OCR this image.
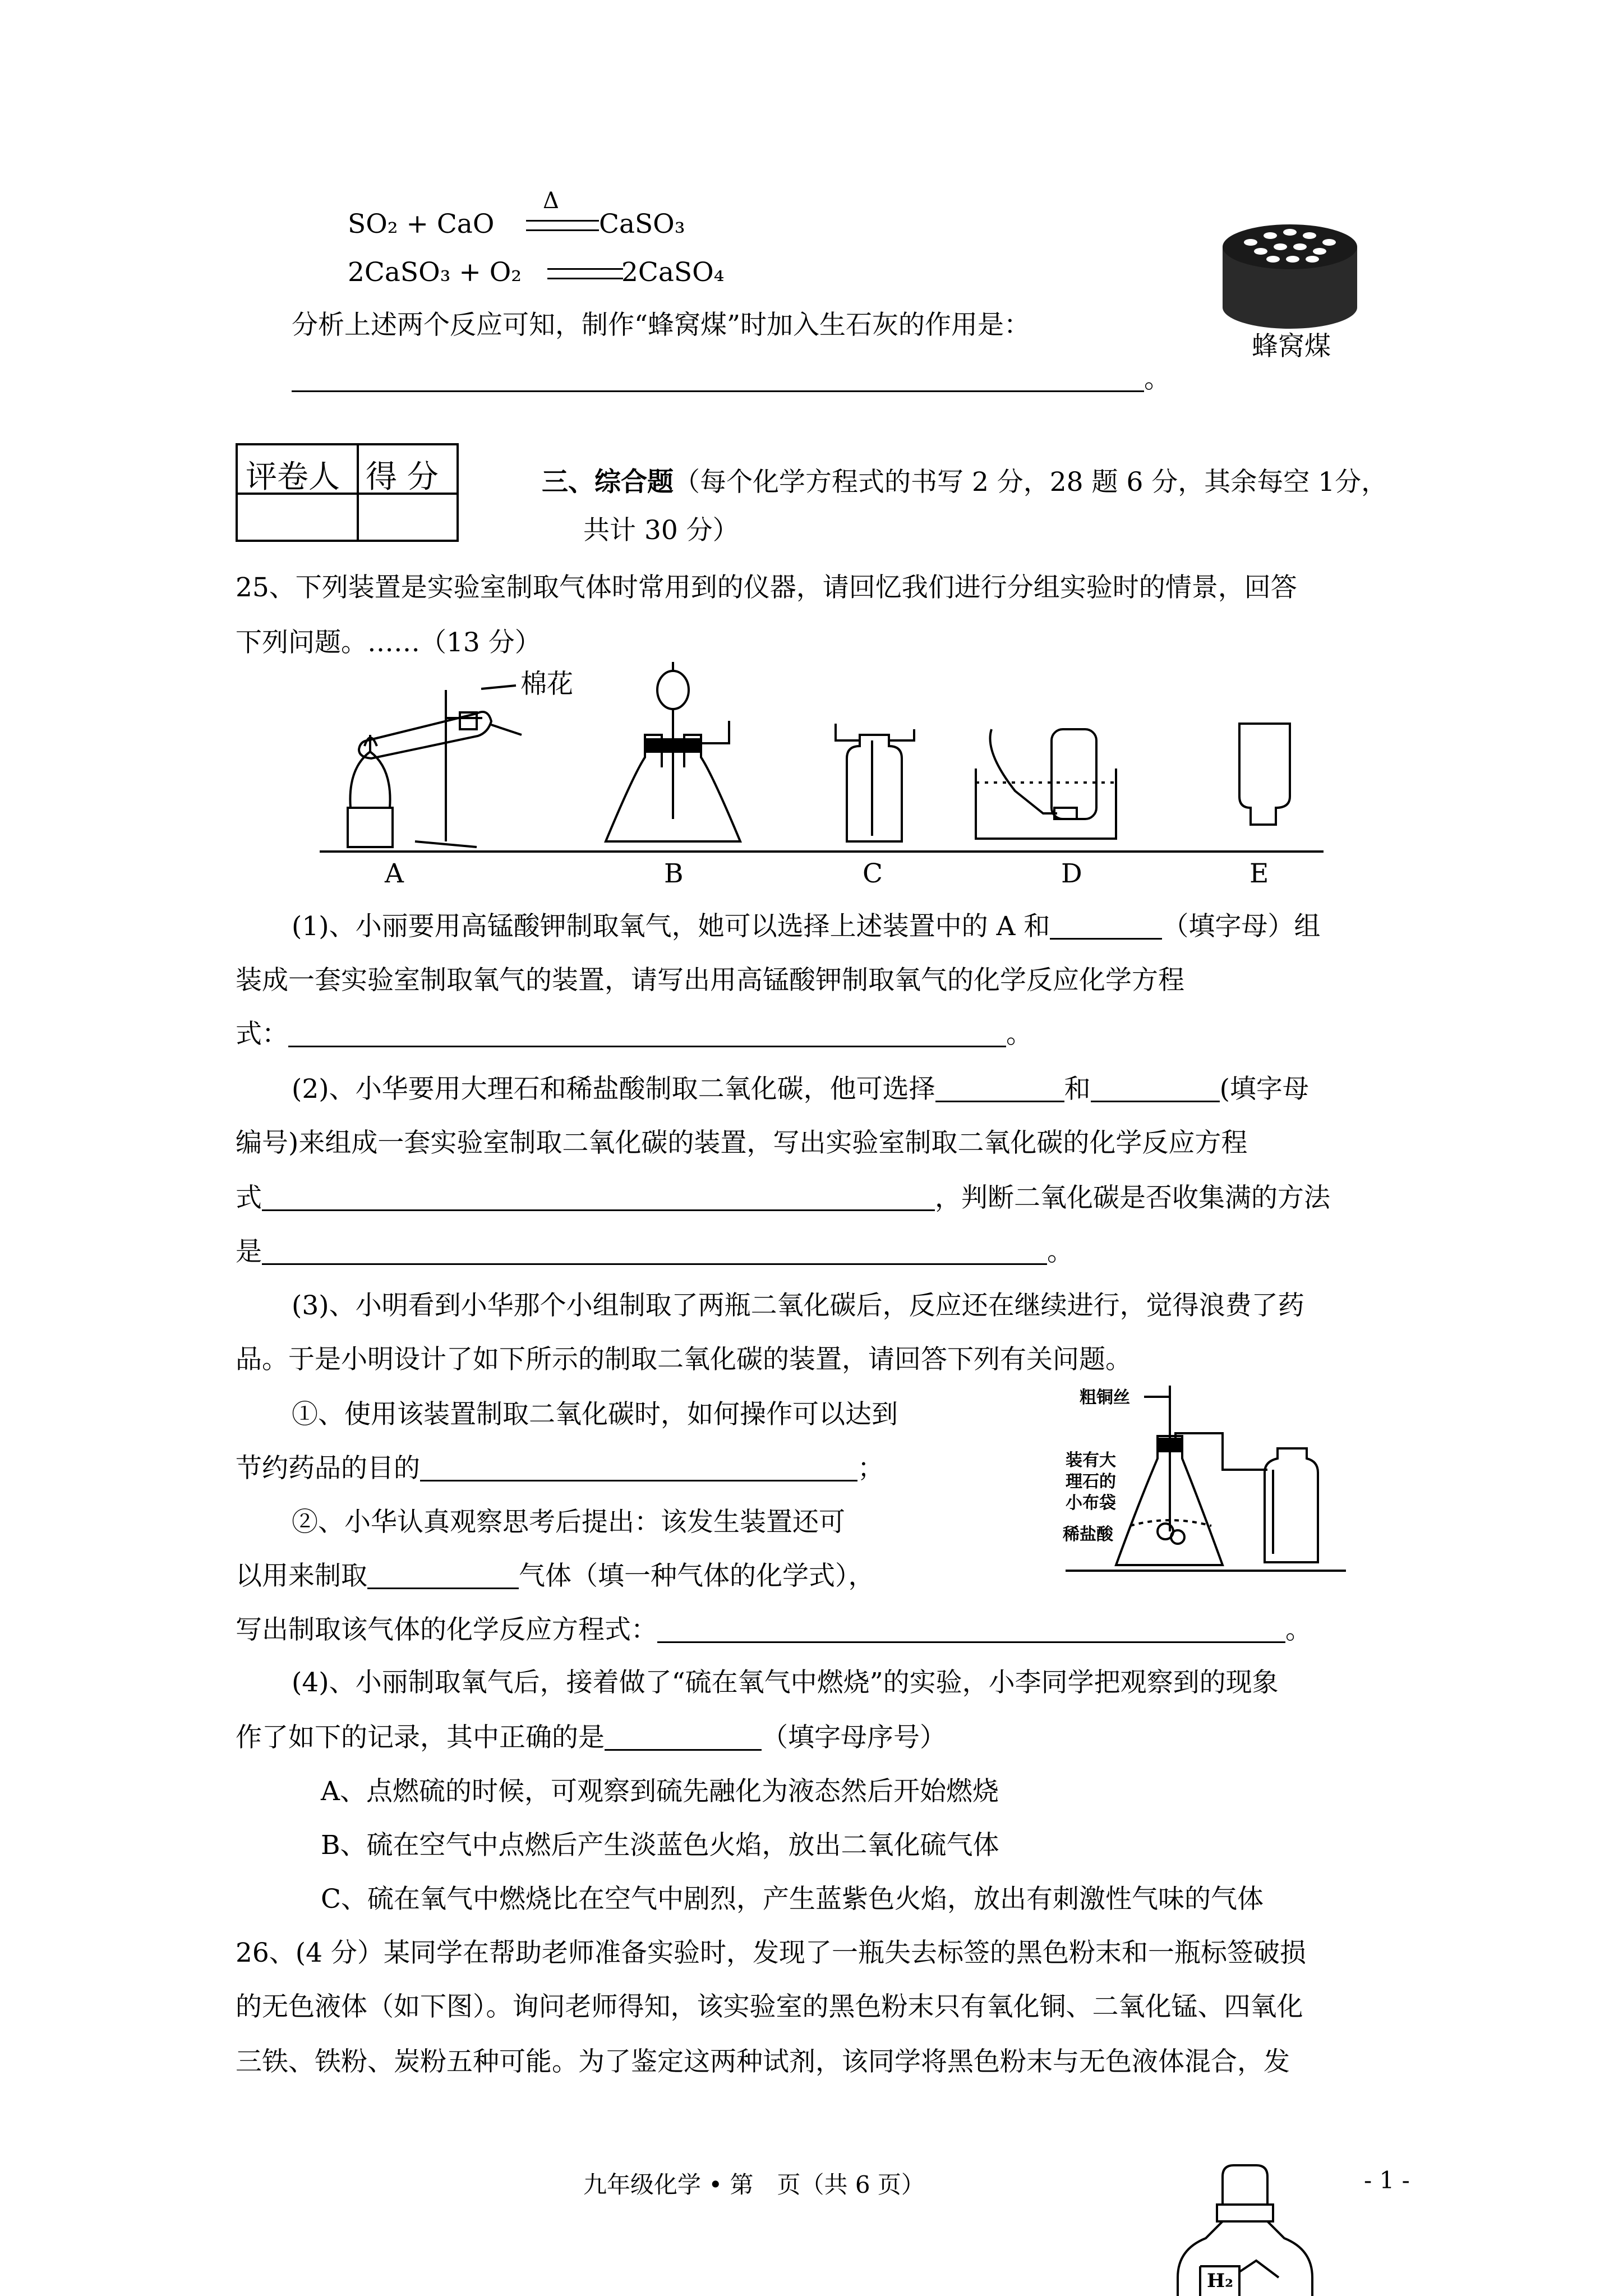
SO₂ + CaO
Δ
CaSO₃
2CaSO₃ + O₂	2CaSO₄
分析上述两个反应可知，制作“蜂窝煤”时加入生石灰的作用是：
。
蜂窝煤
评卷人 得 分	三、综合题（每个化学方程式的书写 2 分，28 题 6 分，其余每空 1分，
共计 30 分）
25、下列装置是实验室制取气体时常用到的仪器，请回忆我们进行分组实验时的情景，回答
下列问题。……（13 分）
棉花
A	B	C	D	E
(1)、小丽要用高锰酸钾制取氧气，她可以选择上述装置中的 A 和	（填字母）组
装成一套实验室制取氧气的装置，请写出用高锰酸钾制取氧气的化学反应化学方程
式：	。
(2)、小华要用大理石和稀盐酸制取二氧化碳，他可选择	和	(填字母
编号)来组成一套实验室制取二氧化碳的装置，写出实验室制取二氧化碳的化学反应方程
式	，判断二氧化碳是否收集满的方法
是	。
(3)、小明看到小华那个小组制取了两瓶二氧化碳后，反应还在继续进行，觉得浪费了药
品。于是小明设计了如下所示的制取二氧化碳的装置，请回答下列有关问题。
①、使用该装置制取二氧化碳时，如何操作可以达到
节约药品的目的	；
②、小华认真观察思考后提出：该发生装置还可
以用来制取	气体（填一种气体的化学式），
写出制取该气体的化学反应方程式：	。
粗铜丝
装有大
理石的
小布袋
稀盐酸
(4)、小丽制取氧气后，接着做了“硫在氧气中燃烧”的实验，小李同学把观察到的现象
作了如下的记录，其中正确的是	（填字母序号）
A、点燃硫的时候，可观察到硫先融化为液态然后开始燃烧
B、硫在空气中点燃后产生淡蓝色火焰，放出二氧化硫气体
C、硫在氧气中燃烧比在空气中剧烈，产生蓝紫色火焰，放出有刺激性气味的气体
26、(4 分）某同学在帮助老师准备实验时，发现了一瓶失去标签的黑色粉末和一瓶标签破损
的无色液体（如下图）。询问老师得知，该实验室的黑色粉末只有氧化铜、二氧化锰、四氧化
三铁、铁粉、炭粉五种可能。为了鉴定这两种试剂，该同学将黑色粉末与无色液体混合，发
九年级化学 • 第　页（共 6 页）	- 1 -
H₂
